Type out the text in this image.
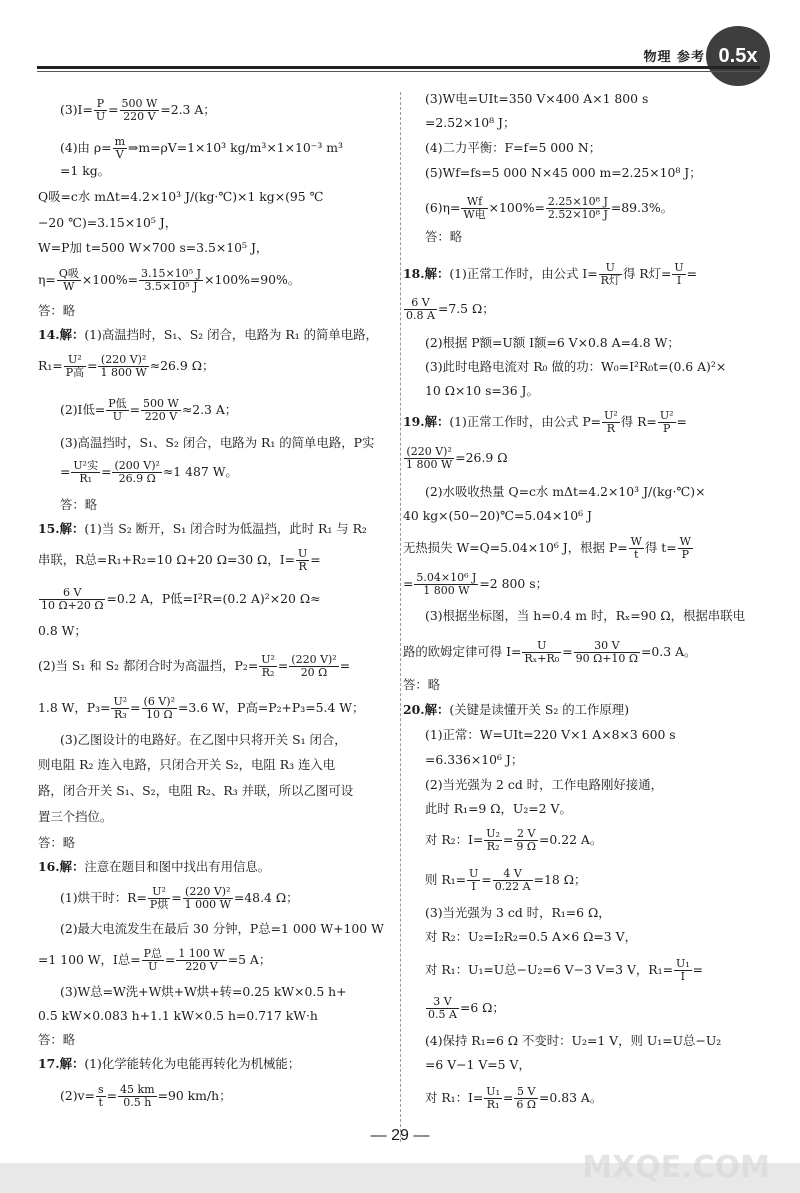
0.5x
物理 参考
$(3)I= \frac{P}{U} = \frac{500 W}{220 V} =2.3$ A；
(4)由 $\rho= \frac{m}{V}$ ⇒m=ρV=1×10³ kg/m³×1×10⁻³ m³
=1 kg。
Q吸=c水 mΔt=4.2×10³ J/(kg·℃)×1 kg×(95 ℃
−20 ℃)=3.15×10⁵ J，
W=P加 t=500 W×700 s=3.5×10⁵ J，
$\eta= \frac{\text{Q吸}}{W} \times 100\%= \frac{\text{3.15×10⁵ J}}{\text{3.5×10⁵ J}} \times 100\%=90\%$。
答：略
14.解：(1)高温挡时，S₁、S₂ 闭合，电路为 R₁ 的简单电路，
$R_1= \frac{\text{U²}}{\text{P高}} = \frac{\text{(220 V)²}}{1 800 W} \approx 26.9$ Ω；
(2)I低= $\frac{\text{P低}}{U} = \frac{500 W}{220 V} \approx 2.3$ A；
(3)高温挡时，S₁、S₂ 闭合，电路为 R₁ 的简单电路，P实
= $\frac{\text{U²实}}{\text{R₁}} = \frac{\text{(200 V)²}}{26.9 \Omega} \approx 1$ 487 W。
答：略
15.解：(1)当 S₂ 断开，S₁ 闭合时为低温挡，此时 R₁ 与 R₂
串联，R总=R₁+R₂=10 Ω+20 Ω=30 Ω，$I= \frac{U}{R}$ =
$\frac{6 V}{10 \Omega+20 \Omega} =0.2$ A，P低=I²R=(0.2 A)²×20 Ω≈
0.8 W；
(2)当 S₁ 和 S₂ 都闭合时为高温挡，$P_2= \frac{\text{U²}}{\text{R₂}} = \frac{\text{(220 V)²}}{20 \Omega}$ =
1.8 W，$P_3= \frac{\text{U²}}{\text{R₃}} = \frac{\text{(6 V)²}}{10 \Omega} =3.6$ W，P高=P₂+P₃=5.4 W；
(3)乙图设计的电路好。在乙图中只将开关 S₁ 闭合，
则电阻 R₂ 连入电路，只闭合开关 S₂，电阻 R₃ 连入电
路，闭合开关 S₁、S₂，电阻 R₂、R₃ 并联，所以乙图可设
置三个挡位。
答：略
16.解：注意在题目和图中找出有用信息。
(1)烘干时：$R= \frac{\text{U²}}{\text{P烘}} = \frac{\text{(220 V)²}}{1 000 W} =48.4$ Ω；
(2)最大电流发生在最后 30 分钟，P总=1 000 W+100 W
=1 100 W，I总= $\frac{\text{P总}}{U} = \frac{1 100 W}{220 V} =5$ A；
(3)W总=W洗+W烘+W烘+转=0.25 kW×0.5 h+
0.5 kW×0.083 h+1.1 kW×0.5 h=0.717 kW·h
答：略
17.解：(1)化学能转化为电能再转化为机械能；
$(2)v= \frac{s}{t} = \frac{45 km}{0.5 h} =90$ km/h；
(3)W电=UIt=350 V×400 A×1 800 s
=2.52×10⁸ J；
(4)二力平衡：F=f=5 000 N；
(5)Wf=fs=5 000 N×45 000 m=2.25×10⁸ J；
$(6)\eta= \frac{Wf}{\text{W电}} \times 100\%= \frac{\text{2.25×10⁸ J}}{\text{2.52×10⁸ J}} =89.3\%$。
答：略
18.解：(1)正常工作时，由公式 $I= \frac{U}{\text{R灯}}$ 得 R灯= $\frac{U}{I}$ =
$\frac{6 V}{0.8 A} =7.5$ Ω；
(2)根据 P额=U额 I额=6 V×0.8 A=4.8 W；
(3)此时电路电流对 R₀ 做的功：W₀=I²R₀t=(0.6 A)²×
10 Ω×10 s=36 J。
19.解：(1)正常工作时，由公式 $P= \frac{\text{U²}}{R}$ 得 $R= \frac{\text{U²}}{P}$ =
$\frac{\text{(220 V)²}}{1 800 W} =26.9$ Ω
(2)水吸收热量 Q=c水 mΔt=4.2×10³ J/(kg·℃)×
40 kg×(50−20)℃=5.04×10⁶ J
无热损失 W=Q=5.04×10⁶ J，根据 $P= \frac{W}{t}$ 得 $t= \frac{W}{P}$
= $\frac{\text{5.04×10⁶ J}}{1 800 W} =2$ 800 s；
(3)根据坐标图，当 h=0.4 m 时，Rₓ=90 Ω，根据串联电
路的欧姆定律可得 $I= \frac{U}{\text{Rₓ+R₀}} = \frac{30 V}{90 \Omega+10 \Omega} =0.3$ A。
答：略
20.解：(关键是读懂开关 S₂ 的工作原理)
(1)正常：W=UIt=220 V×1 A×8×3 600 s
=6.336×10⁶ J；
(2)当光强为 2 cd 时，工作电路刚好接通，
此时 R₁=9 Ω，U₂=2 V。
对 R₂：$I= \frac{\text{U₂}}{\text{R₂}} = \frac{2 V}{9 \Omega} =0.22$ A。
则 $R_1= \frac{U}{I} = \frac{4 V}{0.22 A} =18$ Ω；
(3)当光强为 3 cd 时，R₁=6 Ω，
对 R₂：U₂=I₂R₂=0.5 A×6 Ω=3 V，
对 R₁：U₁=U总−U₂=6 V−3 V=3 V，$R_1= \frac{\text{U₁}}{I}$ =
$\frac{3 V}{0.5 A} =6$ Ω；
(4)保持 R₁=6 Ω 不变时：U₂=1 V，则 U₁=U总−U₂
=6 V−1 V=5 V，
对 R₁：$I= \frac{\text{U₁}}{\text{R₁}} = \frac{5 V}{6 \Omega} =0.83$ A。
— 29 —
MXQE.COM
